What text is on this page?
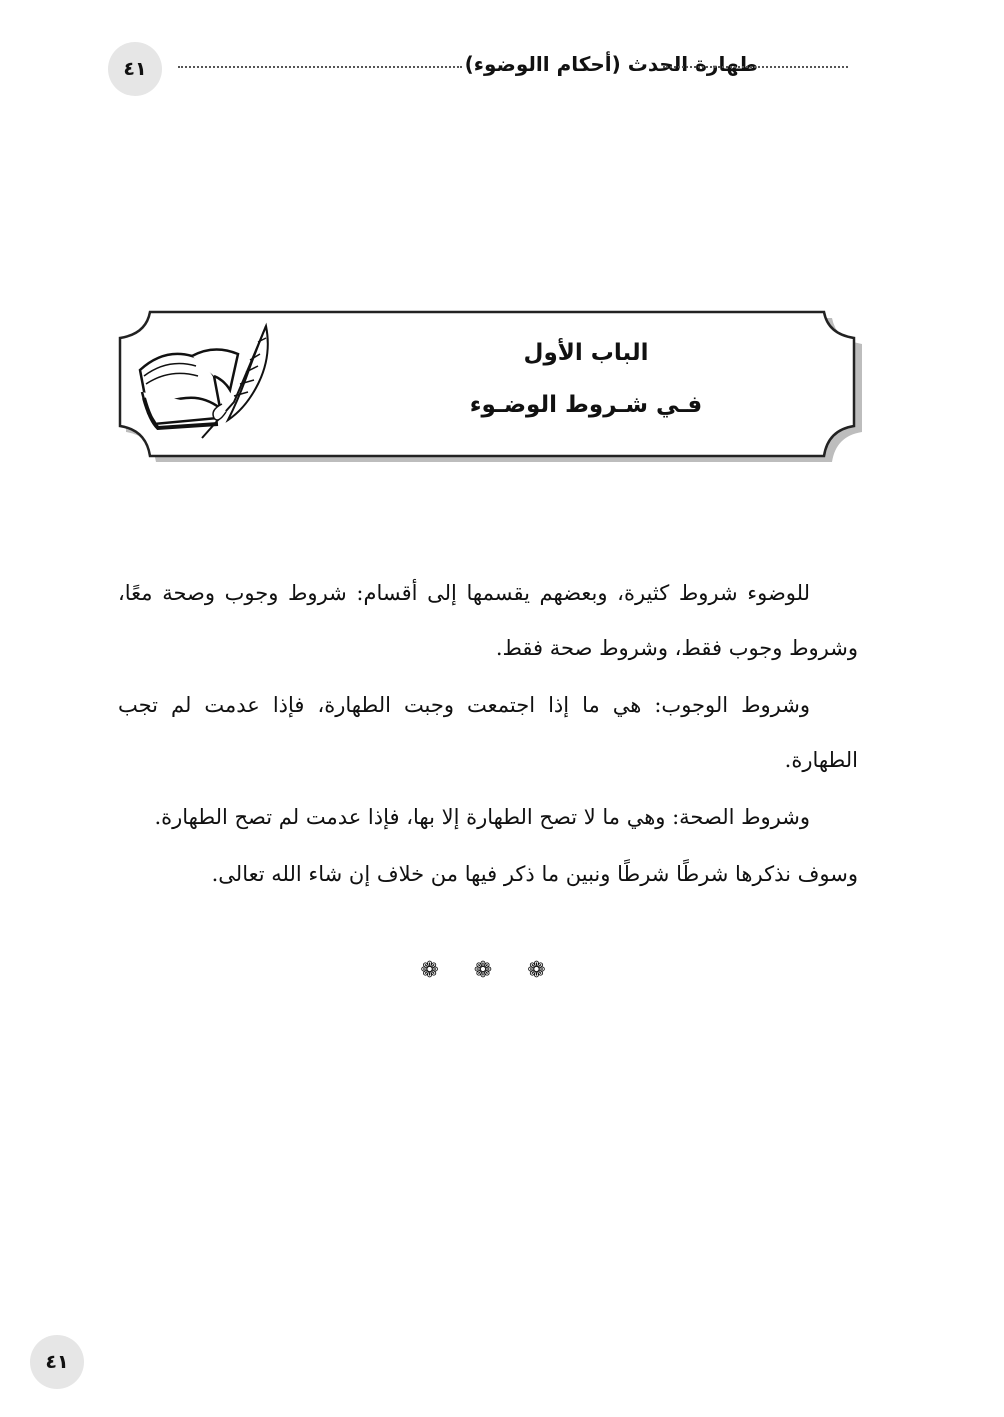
٤١	طهارة الحدث (أحكام االوضوء)
الباب الأول
فـي شـروط الوضـوء

للوضوء شروط كثيرة، وبعضهم يقسمها إلى أقسام: شروط وجوب وصحة معًا، وشروط وجوب فقط، وشروط صحة فقط.

وشروط الوجوب: هي ما إذا اجتمعت وجبت الطهارة، فإذا عدمت لم تجب الطهارة.

وشروط الصحة: وهي ما لا تصح الطهارة إلا بها، فإذا عدمت لم تصح الطهارة.

وسوف نذكرها شرطًا شرطًا ونبين ما ذكر فيها من خلاف إن شاء الله تعالى.

❁ ❁ ❁
٤١
